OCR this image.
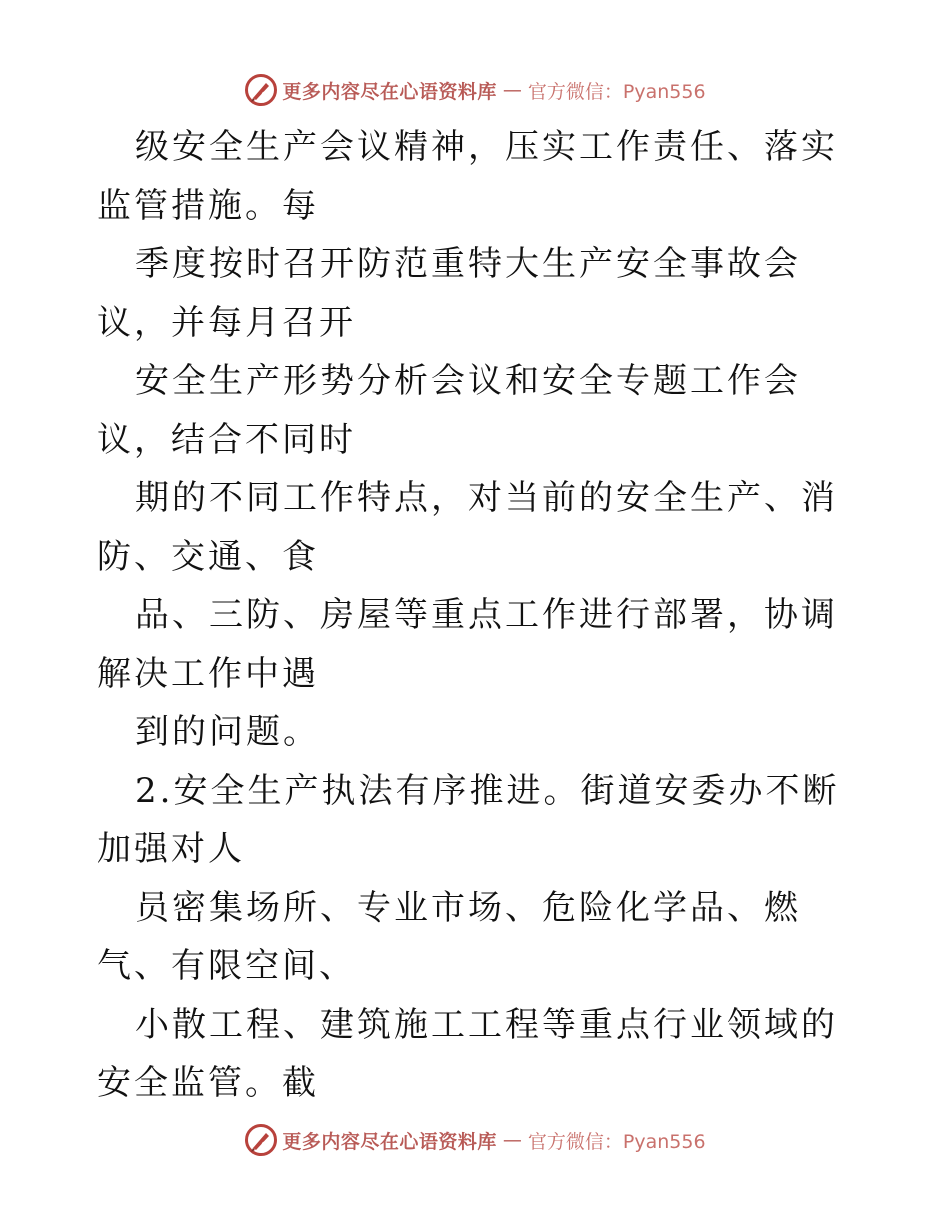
更多内容尽在心语资料库 — 官方微信：Pyan556

级安全生产会议精神，压实工作责任、落实监管措施。每

季度按时召开防范重特大生产安全事故会议，并每月召开

安全生产形势分析会议和安全专题工作会议，结合不同时

期的不同工作特点，对当前的安全生产、消防、交通、食

品、三防、房屋等重点工作进行部署，协调解决工作中遇

到的问题。

2.安全生产执法有序推进。街道安委办不断加强对人

员密集场所、专业市场、危险化学品、燃气、有限空间、

小散工程、建筑施工工程等重点行业领域的安全监管。截

更多内容尽在心语资料库 — 官方微信：Pyan556
